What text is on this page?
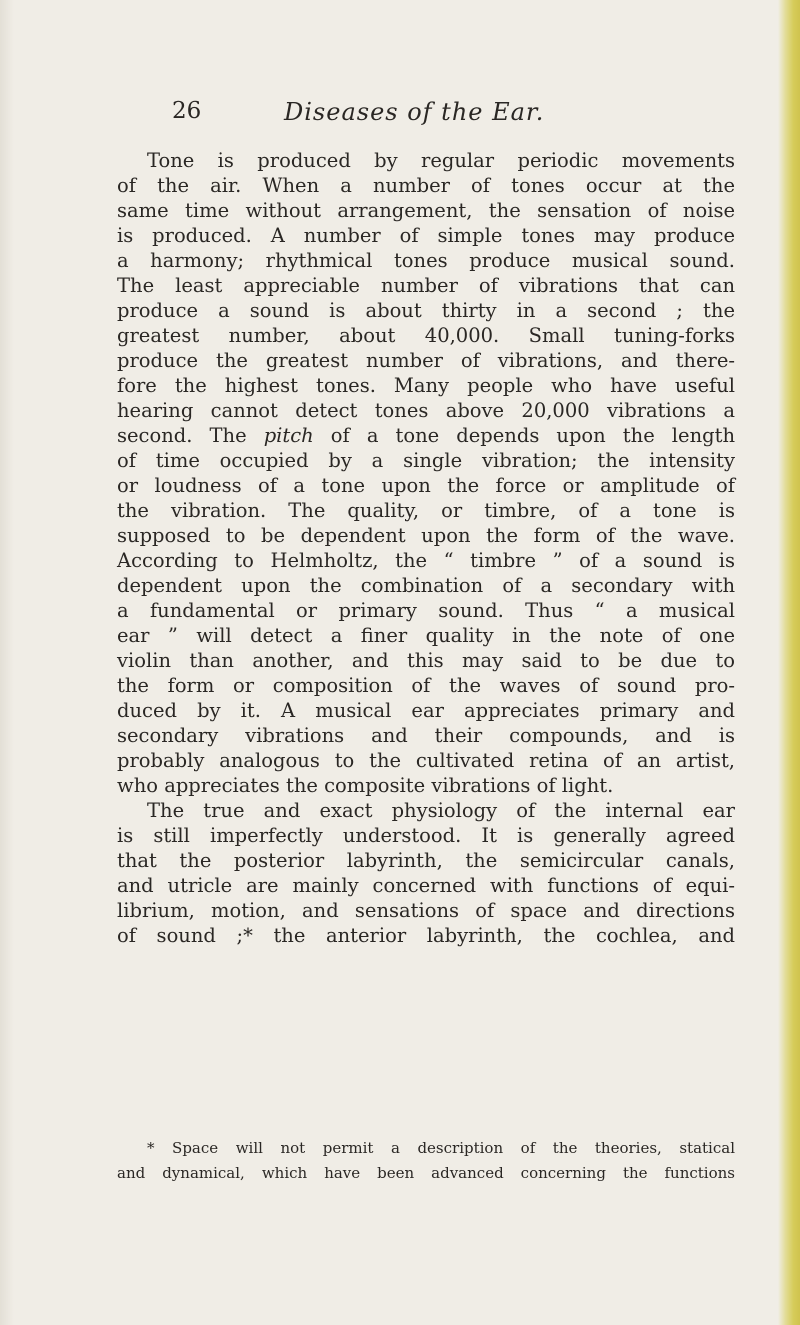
26	Diseases of the Ear.
Tone is produced by regular periodic movements
of the air. When a number of tones occur at the
same time without arrangement, the sensation of noise
is produced. A number of simple tones may produce
a harmony; rhythmical tones produce musical sound.
The least appreciable number of vibrations that can
produce a sound is about thirty in a second ; the
greatest number, about 40,000. Small tuning-forks
produce the greatest number of vibrations, and there-
fore the highest tones. Many people who have useful
hearing cannot detect tones above 20,000 vibrations a
second. The pitch of a tone depends upon the length
of time occupied by a single vibration; the intensity
or loudness of a tone upon the force or amplitude of
the vibration. The quality, or timbre, of a tone is
supposed to be dependent upon the form of the wave.
According to Helmholtz, the “ timbre ” of a sound is
dependent upon the combination of a secondary with
a fundamental or primary sound. Thus “ a musical
ear ” will detect a finer quality in the note of one
violin than another, and this may said to be due to
the form or composition of the waves of sound pro-
duced by it. A musical ear appreciates primary and
secondary vibrations and their compounds, and is
probably analogous to the cultivated retina of an artist,
who appreciates the composite vibrations of light.
The true and exact physiology of the internal ear
is still imperfectly understood. It is generally agreed
that the posterior labyrinth, the semicircular canals,
and utricle are mainly concerned with functions of equi-
librium, motion, and sensations of space and directions
of sound ;* the anterior labyrinth, the cochlea, and
* Space will not permit a description of the theories, statical
and dynamical, which have been advanced concerning the functions
